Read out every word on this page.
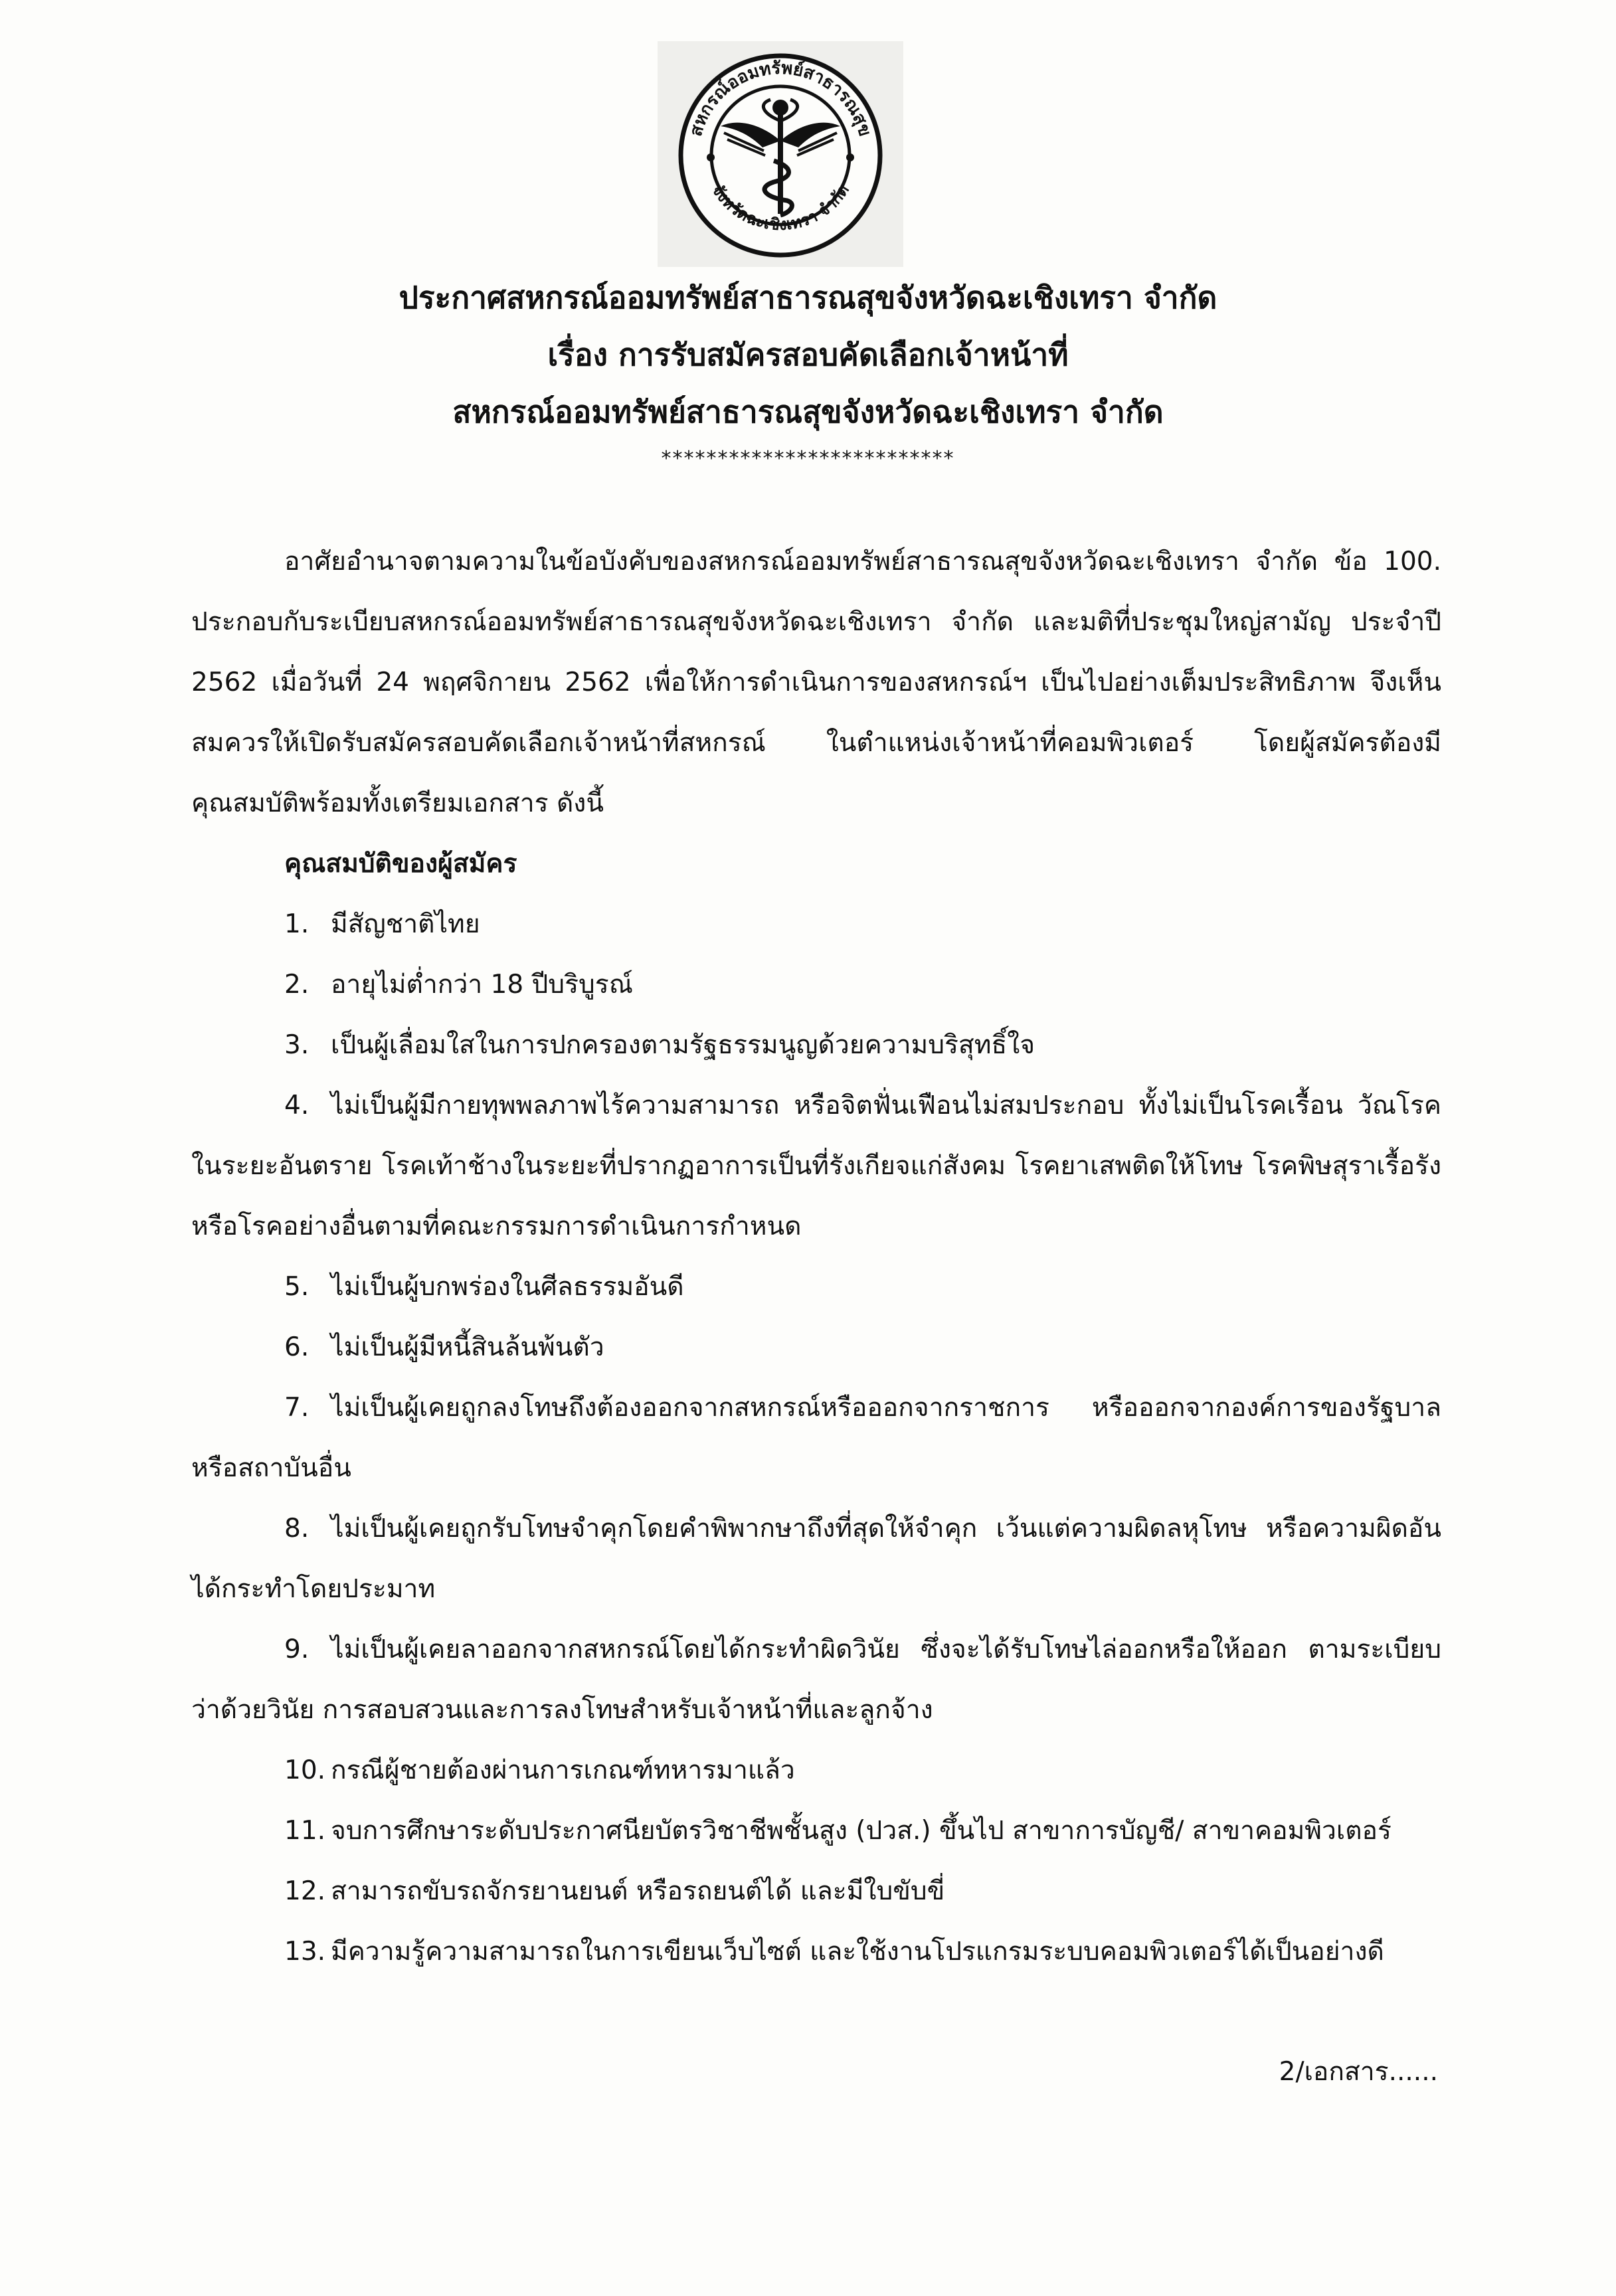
สหกรณ์ออมทรัพย์สาธารณสุข
จังหวัดฉะเชิงเทรา จำกัด
ประกาศสหกรณ์ออมทรัพย์สาธารณสุขจังหวัดฉะเชิงเทรา จำกัด
เรื่อง การรับสมัครสอบคัดเลือกเจ้าหน้าที่
สหกรณ์ออมทรัพย์สาธารณสุขจังหวัดฉะเชิงเทรา จำกัด
**************************

อาศัยอำนาจตามความในข้อบังคับของสหกรณ์ออมทรัพย์สาธารณสุขจังหวัดฉะเชิงเทรา จำกัด ข้อ 100. ประกอบกับระเบียบสหกรณ์ออมทรัพย์สาธารณสุขจังหวัดฉะเชิงเทรา จำกัด และมติที่ประชุมใหญ่สามัญ ประจำปี 2562 เมื่อวันที่ 24 พฤศจิกายน 2562 เพื่อให้การดำเนินการของสหกรณ์ฯ เป็นไปอย่างเต็มประสิทธิภาพ จึงเห็นสมควรให้เปิดรับสมัครสอบคัดเลือกเจ้าหน้าที่สหกรณ์ ในตำแหน่งเจ้าหน้าที่คอมพิวเตอร์ โดยผู้สมัครต้องมีคุณสมบัติพร้อมทั้งเตรียมเอกสาร ดังนี้

คุณสมบัติของผู้สมัคร

1. มีสัญชาติไทย

2. อายุไม่ต่ำกว่า 18 ปีบริบูรณ์

3. เป็นผู้เลื่อมใสในการปกครองตามรัฐธรรมนูญด้วยความบริสุทธิ์ใจ

4. ไม่เป็นผู้มีกายทุพพลภาพไร้ความสามารถ หรือจิตฟั่นเฟือนไม่สมประกอบ ทั้งไม่เป็นโรคเรื้อน วัณโรคในระยะอันตราย โรคเท้าช้างในระยะที่ปรากฏอาการเป็นที่รังเกียจแก่สังคม โรคยาเสพติดให้โทษ โรคพิษสุราเรื้อรัง หรือโรคอย่างอื่นตามที่คณะกรรมการดำเนินการกำหนด

5. ไม่เป็นผู้บกพร่องในศีลธรรมอันดี

6. ไม่เป็นผู้มีหนี้สินล้นพ้นตัว

7. ไม่เป็นผู้เคยถูกลงโทษถึงต้องออกจากสหกรณ์หรือออกจากราชการ หรือออกจากองค์การของรัฐบาล หรือสถาบันอื่น

8. ไม่เป็นผู้เคยถูกรับโทษจำคุกโดยคำพิพากษาถึงที่สุดให้จำคุก เว้นแต่ความผิดลหุโทษ หรือความผิดอันได้กระทำโดยประมาท

9. ไม่เป็นผู้เคยลาออกจากสหกรณ์โดยได้กระทำผิดวินัย ซึ่งจะได้รับโทษไล่ออกหรือให้ออก ตามระเบียบว่าด้วยวินัย การสอบสวนและการลงโทษสำหรับเจ้าหน้าที่และลูกจ้าง

10. กรณีผู้ชายต้องผ่านการเกณฑ์ทหารมาแล้ว

11. จบการศึกษาระดับประกาศนียบัตรวิชาชีพชั้นสูง (ปวส.) ขึ้นไป สาขาการบัญชี/ สาขาคอมพิวเตอร์

12. สามารถขับรถจักรยานยนต์ หรือรถยนต์ได้ และมีใบขับขี่

13. มีความรู้ความสามารถในการเขียนเว็บไซต์ และใช้งานโปรแกรมระบบคอมพิวเตอร์ได้เป็นอย่างดี

2/เอกสาร......
